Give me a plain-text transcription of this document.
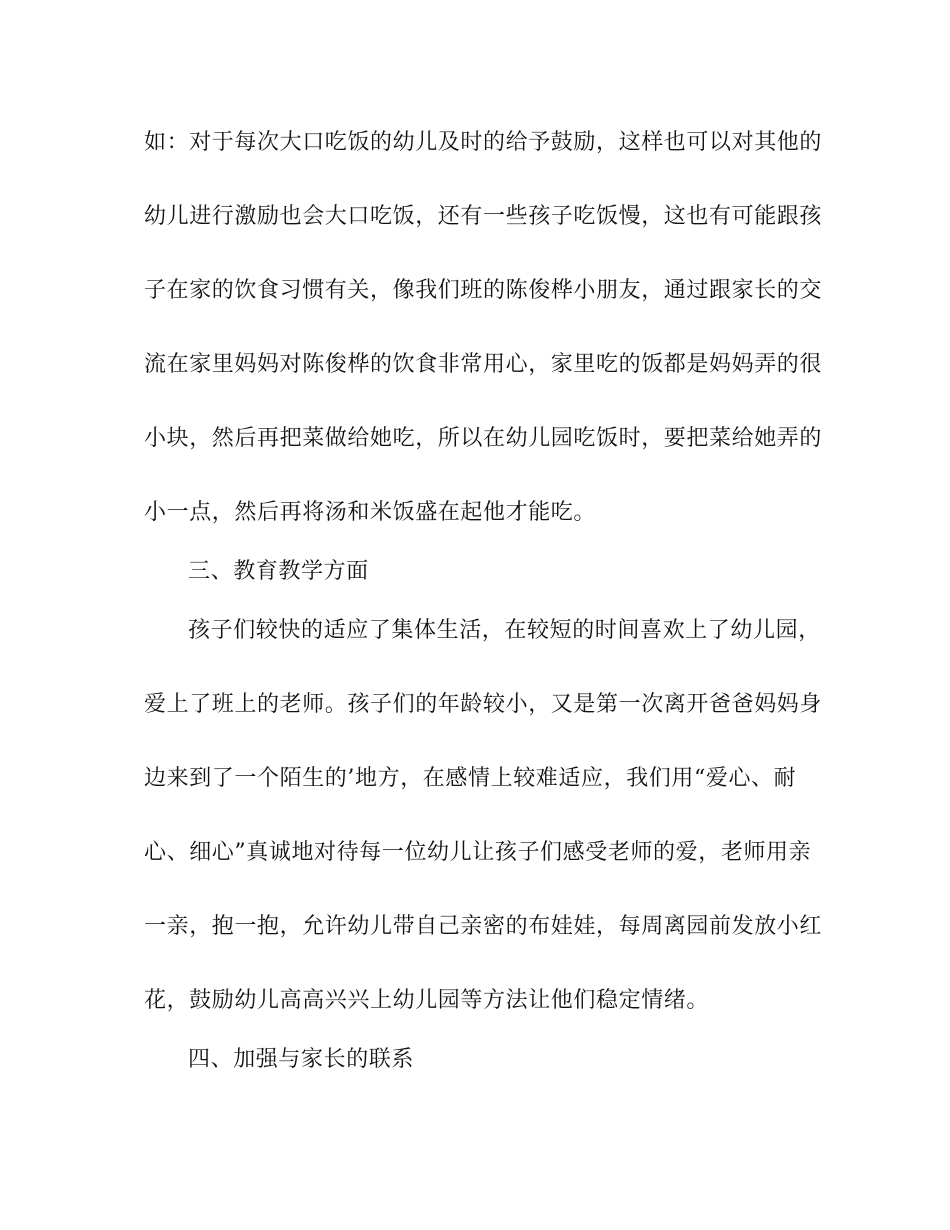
如：对于每次大口吃饭的幼儿及时的给予鼓励，这样也可以对其他的
幼儿进行激励也会大口吃饭，还有一些孩子吃饭慢，这也有可能跟孩
子在家的饮食习惯有关，像我们班的陈俊桦小朋友，通过跟家长的交
流在家里妈妈对陈俊桦的饮食非常用心，家里吃的饭都是妈妈弄的很
小块，然后再把菜做给她吃，所以在幼儿园吃饭时，要把菜给她弄的
小一点，然后再将汤和米饭盛在起他才能吃。
三、教育教学方面
孩子们较快的适应了集体生活，在较短的时间喜欢上了幼儿园，
爱上了班上的老师。孩子们的年龄较小，又是第一次离开爸爸妈妈身
边来到了一个陌生的’地方，在感情上较难适应，我们用“爱心、耐
心、细心”真诚地对待每一位幼儿让孩子们感受老师的爱，老师用亲
一亲，抱一抱，允许幼儿带自己亲密的布娃娃，每周离园前发放小红
花，鼓励幼儿高高兴兴上幼儿园等方法让他们稳定情绪。
四、加强与家长的联系
